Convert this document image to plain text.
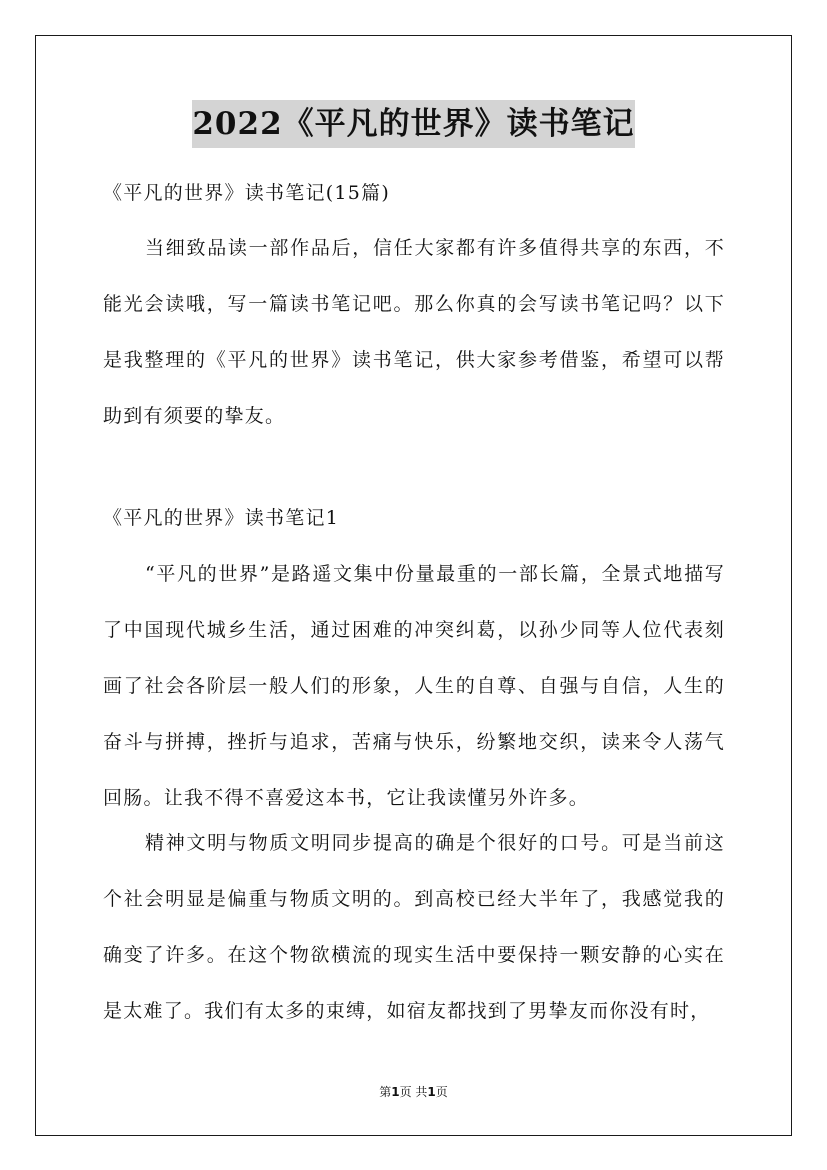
2022《平凡的世界》读书笔记
《平凡的世界》读书笔记(15篇)
当细致品读一部作品后，信任大家都有许多值得共享的东西，不能光会读哦，写一篇读书笔记吧。那么你真的会写读书笔记吗？以下是我整理的《平凡的世界》读书笔记，供大家参考借鉴，希望可以帮助到有须要的挚友。
《平凡的世界》读书笔记1
“平凡的世界”是路遥文集中份量最重的一部长篇，全景式地描写了中国现代城乡生活，通过困难的冲突纠葛，以孙少同等人位代表刻画了社会各阶层一般人们的形象，人生的自尊、自强与自信，人生的奋斗与拼搏，挫折与追求，苦痛与快乐，纷繁地交织，读来令人荡气回肠。让我不得不喜爱这本书，它让我读懂另外许多。
精神文明与物质文明同步提高的确是个很好的口号。可是当前这个社会明显是偏重与物质文明的。到高校已经大半年了，我感觉我的确变了许多。在这个物欲横流的现实生活中要保持一颗安静的心实在是太难了。我们有太多的束缚，如宿友都找到了男挚友而你没有时，
第1页 共1页
